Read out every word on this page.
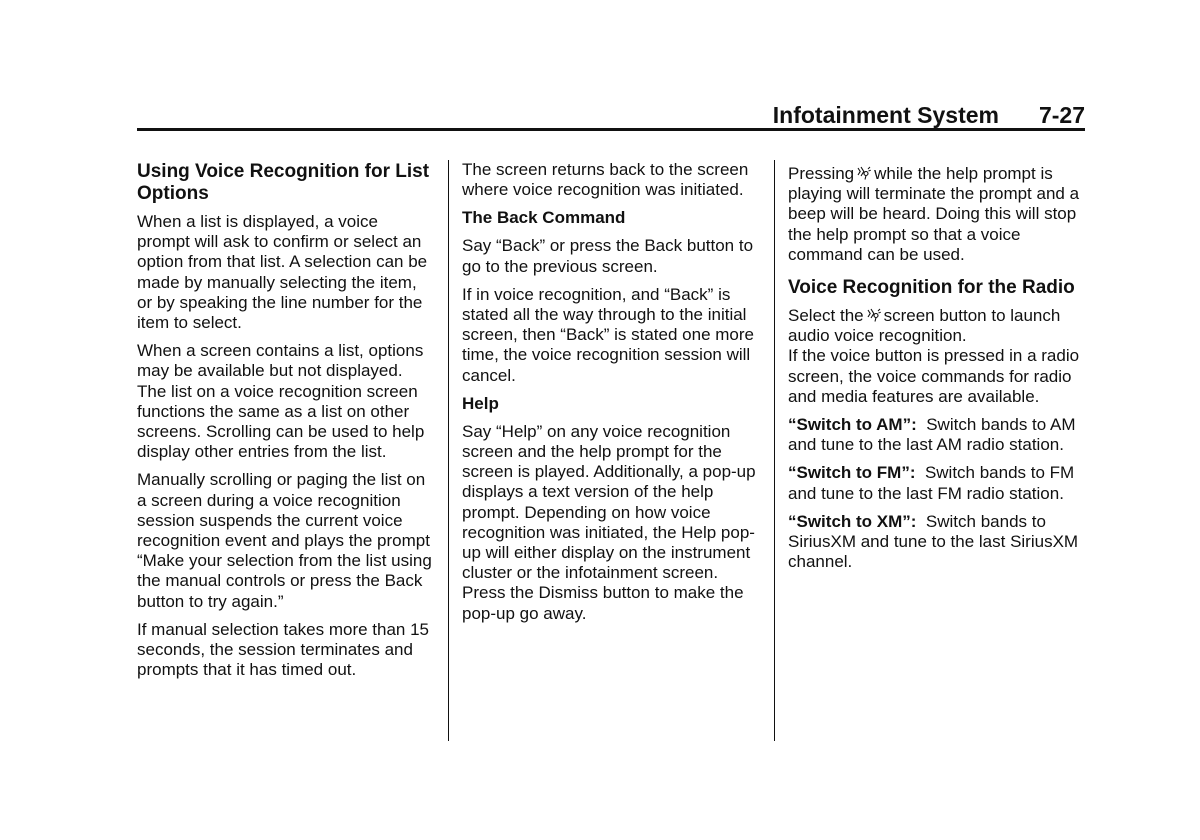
Infotainment System 7-27
Using Voice Recognition for List Options

When a list is displayed, a voice prompt will ask to confirm or select an option from that list. A selection can be made by manually selecting the item, or by speaking the line number for the item to select.

When a screen contains a list, options may be available but not displayed. The list on a voice recognition screen functions the same as a list on other screens. Scrolling can be used to help display other entries from the list.

Manually scrolling or paging the list on a screen during a voice recognition session suspends the current voice recognition event and plays the prompt “Make your selection from the list using the manual controls or press the Back button to try again.”

If manual selection takes more than 15 seconds, the session terminates and prompts that it has timed out.

The screen returns back to the screen where voice recognition was initiated.

The Back Command

Say “Back” or press the Back button to go to the previous screen.

If in voice recognition, and “Back” is stated all the way through to the initial screen, then “Back” is stated one more time, the voice recognition session will cancel.

Help

Say “Help” on any voice recognition screen and the help prompt for the screen is played. Additionally, a pop-up displays a text version of the help prompt. Depending on how voice recognition was initiated, the Help pop-up will either display on the instrument cluster or the infotainment screen. Press the Dismiss button to make the pop-up go away.

Pressing while the help prompt is playing will terminate the prompt and a beep will be heard. Doing this will stop the help prompt so that a voice command can be used.

Voice Recognition for the Radio

Select the screen button to launch audio voice recognition.

If the voice button is pressed in a radio screen, the voice commands for radio and media features are available.

“Switch to AM”: Switch bands to AM and tune to the last AM radio station.

“Switch to FM”: Switch bands to FM and tune to the last FM radio station.

“Switch to XM”: Switch bands to SiriusXM and tune to the last SiriusXM channel.
